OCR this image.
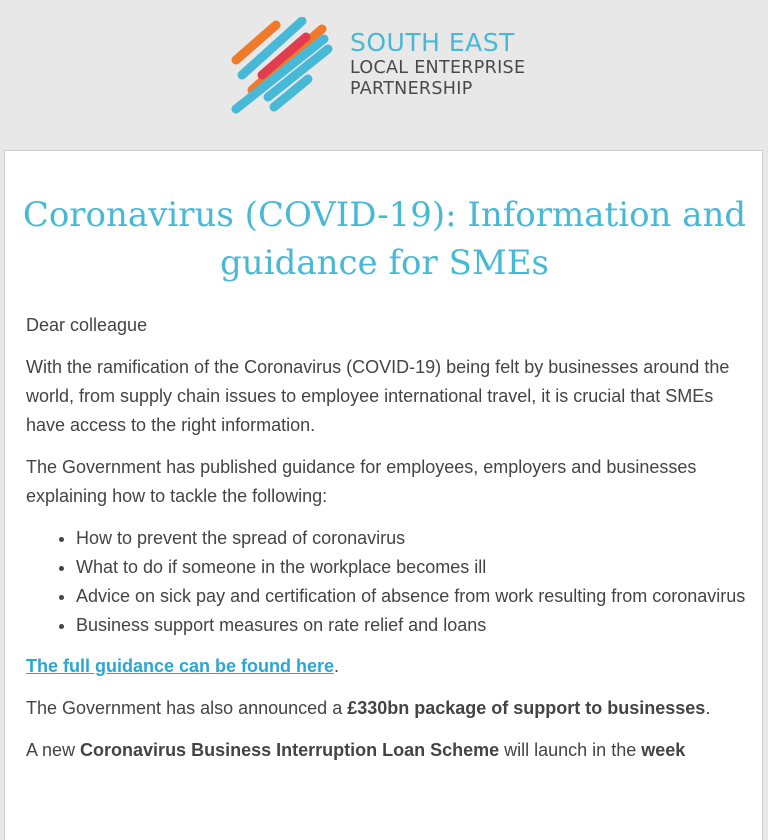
SOUTH EAST
LOCAL ENTERPRISE
PARTNERSHIP
Coronavirus (COVID-19): Information and guidance for SMEs

Dear colleague

With the ramification of the Coronavirus (COVID-19) being felt by businesses around the world, from supply chain issues to employee international travel, it is crucial that SMEs have access to the right information.

The Government has published guidance for employees, employers and businesses explaining how to tackle the following:

• How to prevent the spread of coronavirus
• What to do if someone in the workplace becomes ill
• Advice on sick pay and certification of absence from work resulting from coronavirus
• Business support measures on rate relief and loans

The full guidance can be found here.

The Government has also announced a £330bn package of support to businesses.

A new Coronavirus Business Interruption Loan Scheme will launch in the week
